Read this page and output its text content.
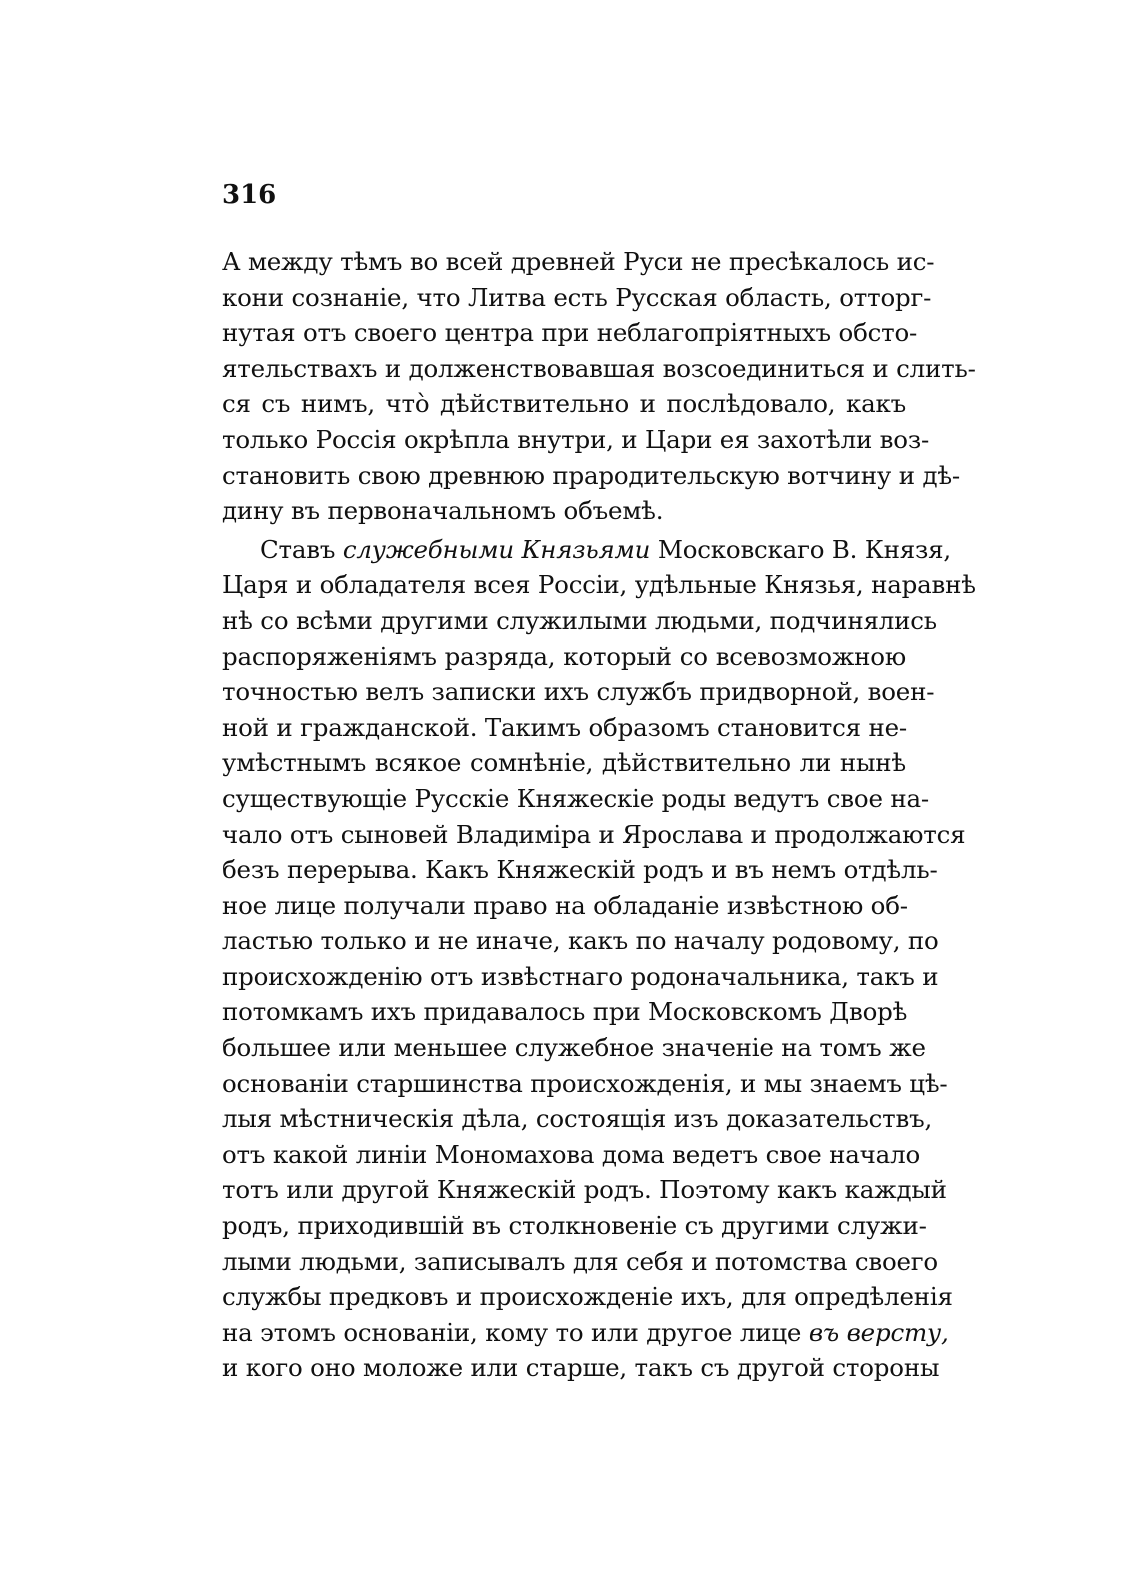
316

А между тѣмъ во всей древней Руси не пресѣкалось ис-
кони сознаніе, что Литва есть Русская область, отторг-
нутая отъ своего центра при неблагопріятныхъ обсто-
ятельствахъ и долженствовавшая возсоединиться и слить-
ся съ нимъ, что̀ дѣйствительно и послѣдовало, какъ
только Россія окрѣпла внутри, и Цари ея захотѣли воз-
становить свою древнюю прародительскую вотчину и дѣ-
дину въ первоначальномъ объемѣ.
Ставъ служебными Князьями Московскаго В. Князя,
Царя и обладателя всея Россіи, удѣльные Князья, наравнѣ
нѣ со всѣми другими служилыми людьми, подчинялись
распоряженіямъ разряда, который со всевозможною
точностью велъ записки ихъ службъ придворной, воен-
ной и гражданской. Такимъ образомъ становится не-
умѣстнымъ всякое сомнѣніе, дѣйствительно ли нынѣ
существующіе Русскіе Княжескіе роды ведутъ свое на-
чало отъ сыновей Владиміра и Ярослава и продолжаются
безъ перерыва. Какъ Княжескій родъ и въ немъ отдѣль-
ное лице получали право на обладаніе извѣстною об-
ластью только и не иначе, какъ по началу родовому, по
происхожденію отъ извѣстнаго родоначальника, такъ и
потомкамъ ихъ придавалось при Московскомъ Дворѣ
большее или меньшее служебное значеніе на томъ же
основаніи старшинства происхожденія, и мы знаемъ цѣ-
лыя мѣстническія дѣла, состоящія изъ доказательствъ,
отъ какой линіи Мономахова дома ведетъ свое начало
тотъ или другой Княжескій родъ. Поэтому какъ каждый
родъ, приходившій въ столкновеніе съ другими служи-
лыми людьми, записывалъ для себя и потомства своего
службы предковъ и происхожденіе ихъ, для опредѣленія
на этомъ основаніи, кому то или другое лице въ версту,
и кого оно моложе или старше, такъ съ другой стороны
